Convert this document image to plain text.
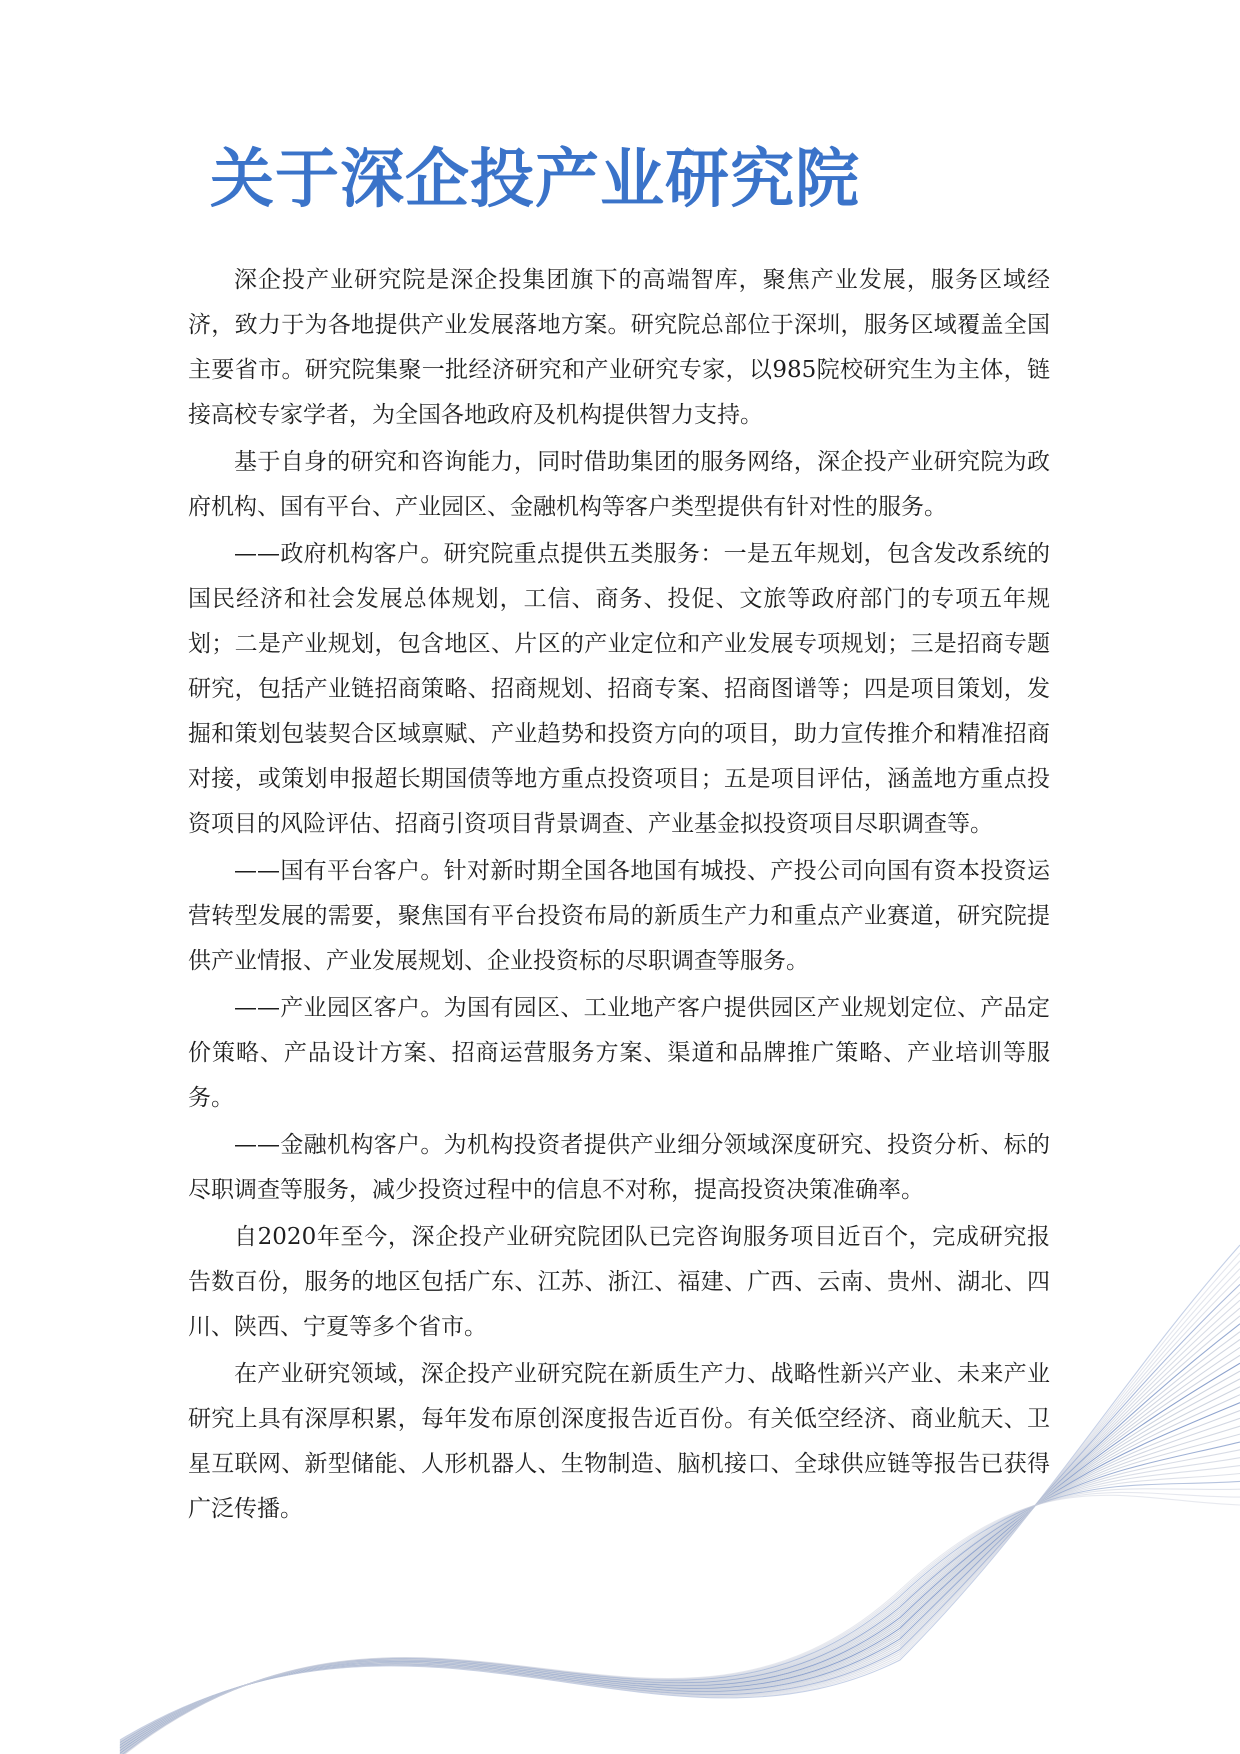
关于深企投产业研究院

深企投产业研究院是深企投集团旗下的高端智库，聚焦产业发展，服务区域经济，致力于为各地提供产业发展落地方案。研究院总部位于深圳，服务区域覆盖全国主要省市。研究院集聚一批经济研究和产业研究专家，以985院校研究生为主体，链接高校专家学者，为全国各地政府及机构提供智力支持。

基于自身的研究和咨询能力，同时借助集团的服务网络，深企投产业研究院为政府机构、国有平台、产业园区、金融机构等客户类型提供有针对性的服务。

——政府机构客户。研究院重点提供五类服务：一是五年规划，包含发改系统的国民经济和社会发展总体规划，工信、商务、投促、文旅等政府部门的专项五年规划；二是产业规划，包含地区、片区的产业定位和产业发展专项规划；三是招商专题研究，包括产业链招商策略、招商规划、招商专案、招商图谱等；四是项目策划，发掘和策划包装契合区域禀赋、产业趋势和投资方向的项目，助力宣传推介和精准招商对接，或策划申报超长期国债等地方重点投资项目；五是项目评估，涵盖地方重点投资项目的风险评估、招商引资项目背景调查、产业基金拟投资项目尽职调查等。

——国有平台客户。针对新时期全国各地国有城投、产投公司向国有资本投资运营转型发展的需要，聚焦国有平台投资布局的新质生产力和重点产业赛道，研究院提供产业情报、产业发展规划、企业投资标的尽职调查等服务。

——产业园区客户。为国有园区、工业地产客户提供园区产业规划定位、产品定价策略、产品设计方案、招商运营服务方案、渠道和品牌推广策略、产业培训等服务。

——金融机构客户。为机构投资者提供产业细分领域深度研究、投资分析、标的尽职调查等服务，减少投资过程中的信息不对称，提高投资决策准确率。

自2020年至今，深企投产业研究院团队已完咨询服务项目近百个，完成研究报告数百份，服务的地区包括广东、江苏、浙江、福建、广西、云南、贵州、湖北、四川、陕西、宁夏等多个省市。

在产业研究领域，深企投产业研究院在新质生产力、战略性新兴产业、未来产业研究上具有深厚积累，每年发布原创深度报告近百份。有关低空经济、商业航天、卫星互联网、新型储能、人形机器人、生物制造、脑机接口、全球供应链等报告已获得广泛传播。
